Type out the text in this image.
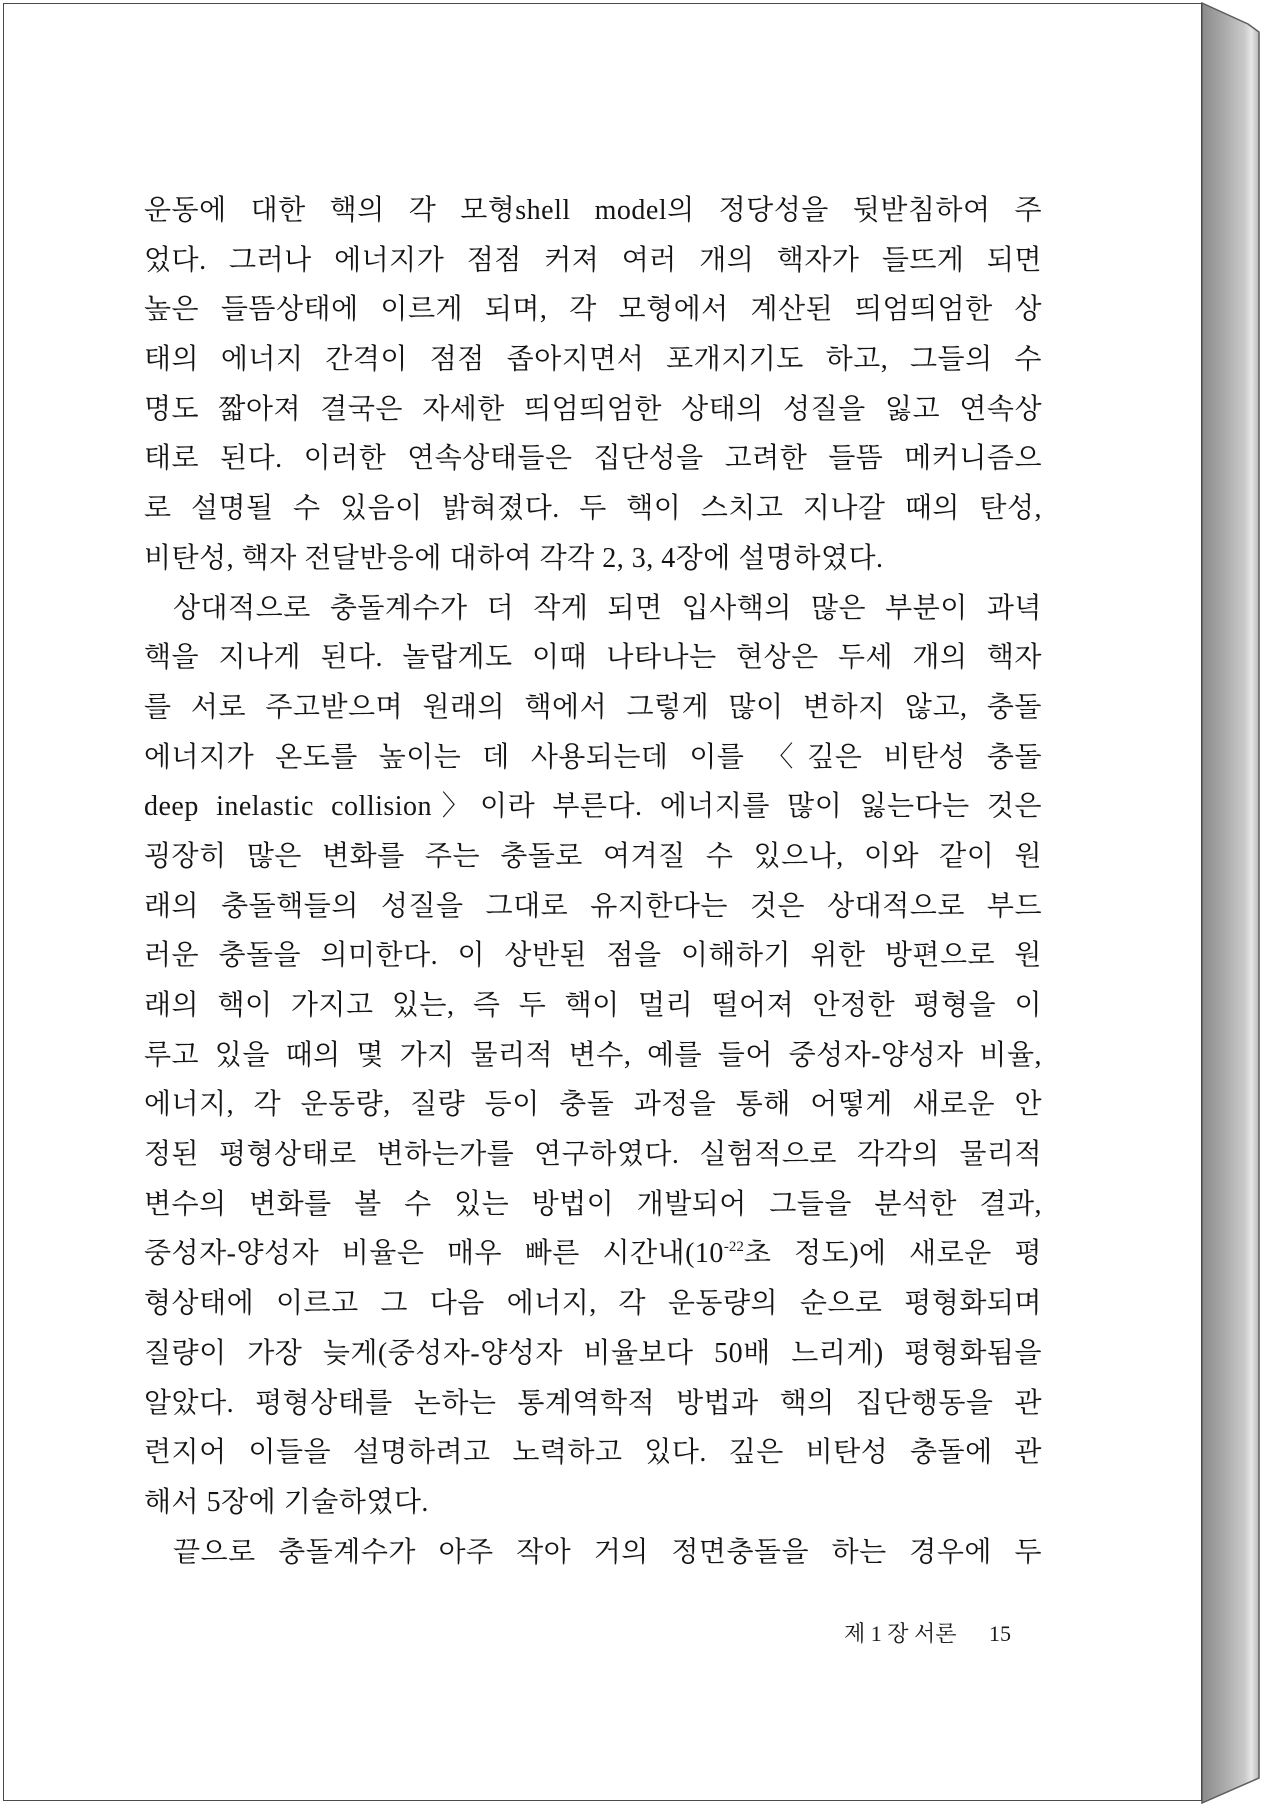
운동에 대한 핵의 각 모형shell model의 정당성을 뒷받침하여 주
었다. 그러나 에너지가 점점 커져 여러 개의 핵자가 들뜨게 되면
높은 들뜸상태에 이르게 되며, 각 모형에서 계산된 띄엄띄엄한 상
태의 에너지 간격이 점점 좁아지면서 포개지기도 하고, 그들의 수
명도 짧아져 결국은 자세한 띄엄띄엄한 상태의 성질을 잃고 연속상
태로 된다. 이러한 연속상태들은 집단성을 고려한 들뜸 메커니즘으
로 설명될 수 있음이 밝혀졌다. 두 핵이 스치고 지나갈 때의 탄성,
비탄성, 핵자 전달반응에 대하여 각각 2, 3, 4장에 설명하였다.
상대적으로 충돌계수가 더 작게 되면 입사핵의 많은 부분이 과녁
핵을 지나게 된다. 놀랍게도 이때 나타나는 현상은 두세 개의 핵자
를 서로 주고받으며 원래의 핵에서 그렇게 많이 변하지 않고, 충돌
에너지가 온도를 높이는 데 사용되는데 이를 〈깊은 비탄성 충돌
deep inelastic collision〉이라 부른다. 에너지를 많이 잃는다는 것은
굉장히 많은 변화를 주는 충돌로 여겨질 수 있으나, 이와 같이 원
래의 충돌핵들의 성질을 그대로 유지한다는 것은 상대적으로 부드
러운 충돌을 의미한다. 이 상반된 점을 이해하기 위한 방편으로 원
래의 핵이 가지고 있는, 즉 두 핵이 멀리 떨어져 안정한 평형을 이
루고 있을 때의 몇 가지 물리적 변수, 예를 들어 중성자-양성자 비율,
에너지, 각 운동량, 질량 등이 충돌 과정을 통해 어떻게 새로운 안
정된 평형상태로 변하는가를 연구하였다. 실험적으로 각각의 물리적
변수의 변화를 볼 수 있는 방법이 개발되어 그들을 분석한 결과,
중성자-양성자 비율은 매우 빠른 시간내($10^{-22}$초 정도)에 새로운 평
형상태에 이르고 그 다음 에너지, 각 운동량의 순으로 평형화되며
질량이 가장 늦게(중성자-양성자 비율보다 50배 느리게) 평형화됨을
알았다. 평형상태를 논하는 통계역학적 방법과 핵의 집단행동을 관
련지어 이들을 설명하려고 노력하고 있다. 깊은 비탄성 충돌에 관
해서 5장에 기술하였다.
끝으로 충돌계수가 아주 작아 거의 정면충돌을 하는 경우에 두
제 1 장 서론 15
